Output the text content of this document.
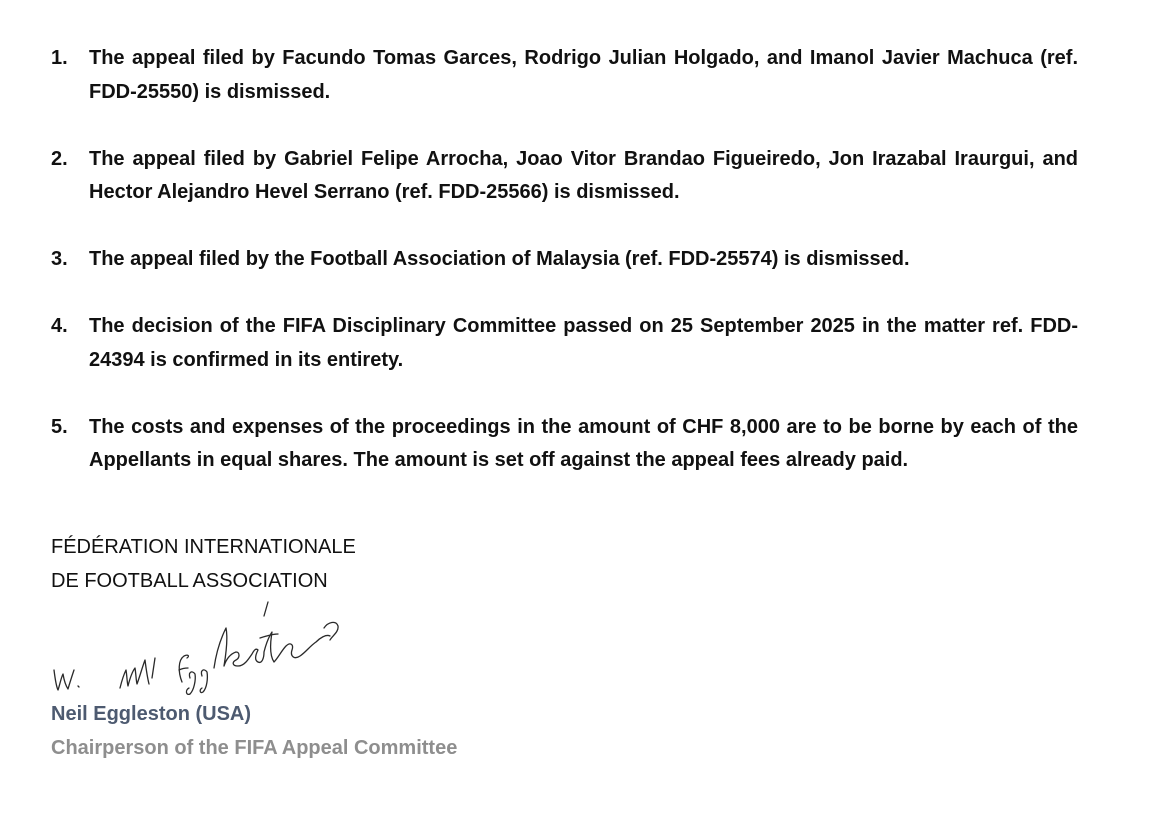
1.	The appeal filed by Facundo Tomas Garces, Rodrigo Julian Holgado, and Imanol Javier Machuca (ref. FDD-25550) is dismissed.
2.	The appeal filed by Gabriel Felipe Arrocha, Joao Vitor Brandao Figueiredo, Jon Irazabal Iraurgui, and Hector Alejandro Hevel Serrano (ref. FDD-25566) is dismissed.
3.	The appeal filed by the Football Association of Malaysia (ref. FDD-25574) is dismissed.
4.	The decision of the FIFA Disciplinary Committee passed on 25 September 2025 in the matter ref. FDD-24394 is confirmed in its entirety.
5.	The costs and expenses of the proceedings in the amount of CHF 8,000 are to be borne by each of the Appellants in equal shares. The amount is set off against the appeal fees already paid.
FÉDÉRATION INTERNATIONALE
DE FOOTBALL ASSOCIATION
Neil Eggleston (USA)
Chairperson of the FIFA Appeal Committee
